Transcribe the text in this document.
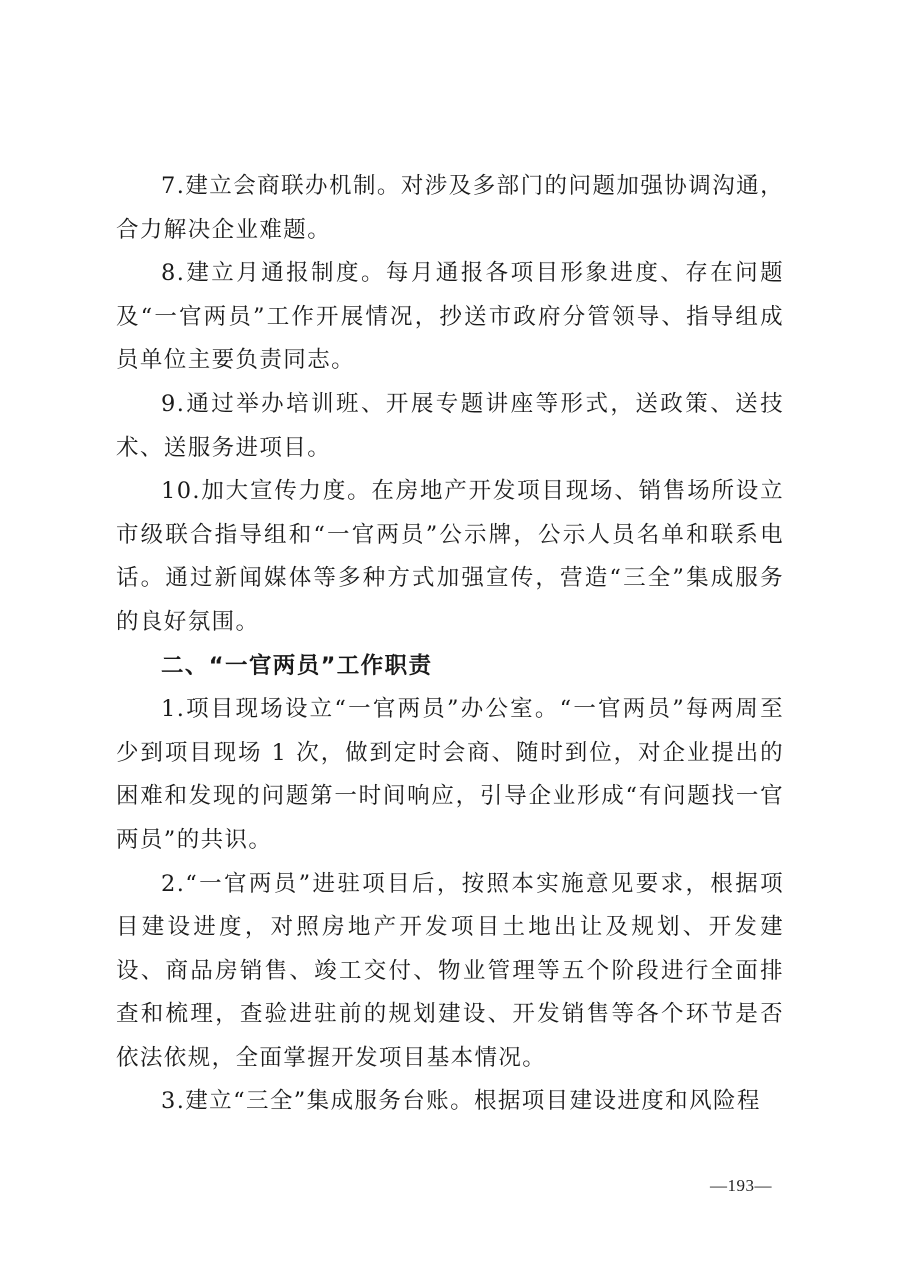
7.建立会商联办机制。对涉及多部门的问题加强协调沟通，合力解决企业难题。

8.建立月通报制度。每月通报各项目形象进度、存在问题及“一官两员”工作开展情况，抄送市政府分管领导、指导组成员单位主要负责同志。

9.通过举办培训班、开展专题讲座等形式，送政策、送技术、送服务进项目。

10.加大宣传力度。在房地产开发项目现场、销售场所设立市级联合指导组和“一官两员”公示牌，公示人员名单和联系电话。通过新闻媒体等多种方式加强宣传，营造“三全”集成服务的良好氛围。

二、“一官两员”工作职责

1.项目现场设立“一官两员”办公室。“一官两员”每两周至少到项目现场 1 次，做到定时会商、随时到位，对企业提出的困难和发现的问题第一时间响应，引导企业形成“有问题找一官两员”的共识。

2.“一官两员”进驻项目后，按照本实施意见要求，根据项目建设进度，对照房地产开发项目土地出让及规划、开发建设、商品房销售、竣工交付、物业管理等五个阶段进行全面排查和梳理，查验进驻前的规划建设、开发销售等各个环节是否依法依规，全面掌握开发项目基本情况。

3.建立“三全”集成服务台账。根据项目建设进度和风险程

—193—
